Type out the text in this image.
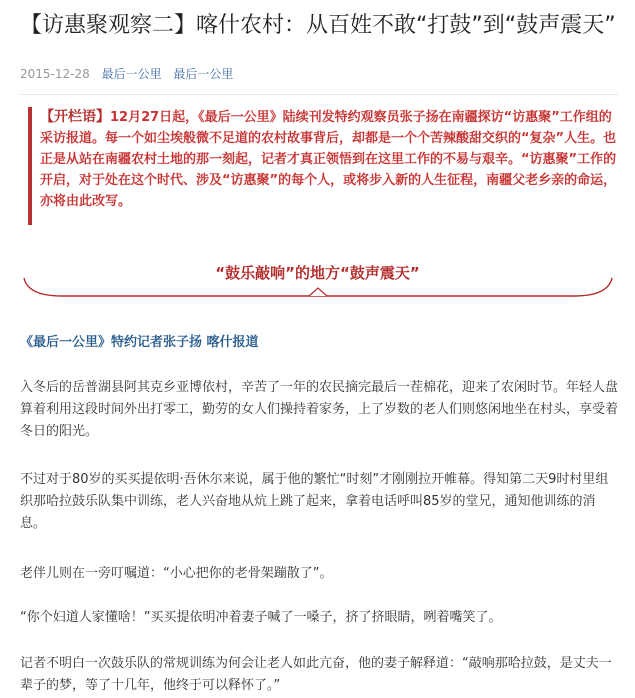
【访惠聚观察二】喀什农村：从百姓不敢“打鼓”到“鼓声震天”
2015-12-28 最后一公里 最后一公里

【开栏语】12月27日起，《最后一公里》陆续刊发特约观察员张子扬在南疆探访“访惠聚”工作组的采访报道。每一个如尘埃般微不足道的农村故事背后，却都是一个个苦辣酸甜交织的“复杂”人生。也正是从站在南疆农村土地的那一刻起，记者才真正领悟到在这里工作的不易与艰辛。“访惠聚”工作的开启，对于处在这个时代、涉及“访惠聚”的每个人，或将步入新的人生征程，南疆父老乡亲的命运，亦将由此改写。

“鼓乐敲响”的地方“鼓声震天”
《最后一公里》特约记者张子扬 喀什报道

入冬后的岳普湖县阿其克乡亚博依村，辛苦了一年的农民摘完最后一茬棉花，迎来了农闲时节。年轻人盘算着利用这段时间外出打零工，勤劳的女人们操持着家务，上了岁数的老人们则悠闲地坐在村头，享受着冬日的阳光。

不过对于80岁的买买提依明·吾休尔来说，属于他的繁忙“时刻”才刚刚拉开帷幕。得知第二天9时村里组织那哈拉鼓乐队集中训练，老人兴奋地从炕上跳了起来，拿着电话呼叫85岁的堂兄，通知他训练的消息。

老伴儿则在一旁叮嘱道：“小心把你的老骨架蹦散了”。

“你个妇道人家懂啥！”买买提依明冲着妻子喊了一嗓子，挤了挤眼睛，咧着嘴笑了。

记者不明白一次鼓乐队的常规训练为何会让老人如此亢奋，他的妻子解释道：“敲响那哈拉鼓，是丈夫一辈子的梦，等了十几年，他终于可以释怀了。”
